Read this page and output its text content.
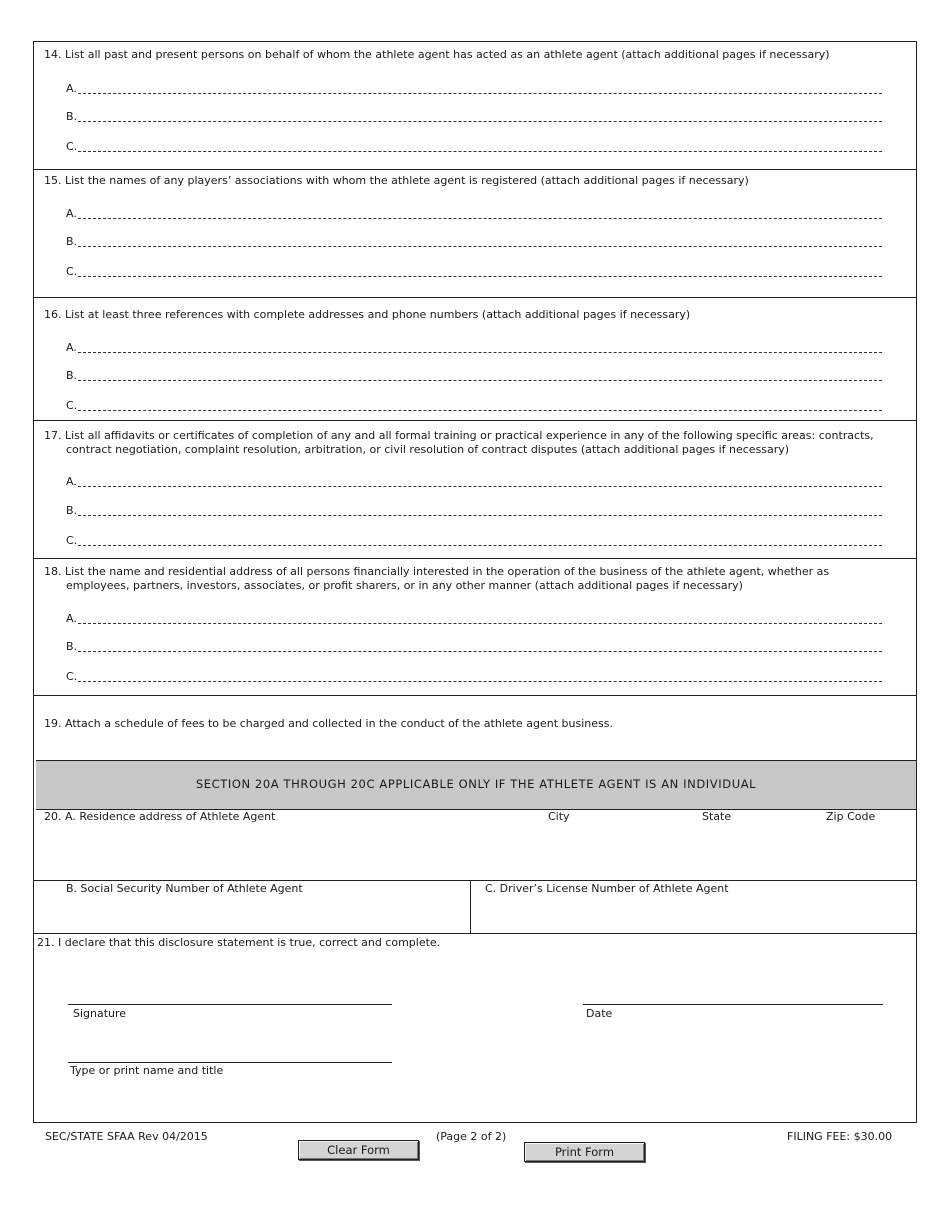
14. List all past and present persons on behalf of whom the athlete agent has acted as an athlete agent (attach additional pages if necessary)
A.
B.
C.
15. List the names of any players’ associations with whom the athlete agent is registered (attach additional pages if necessary)
A.
B.
C.
16. List at least three references with complete addresses and phone numbers (attach additional pages if necessary)
A.
B.
C.
17. List all affidavits or certificates of completion of any and all formal training or practical experience in any of the following specific areas: contracts, contract negotiation, complaint resolution, arbitration, or civil resolution of contract disputes (attach additional pages if necessary)
A.
B.
C.
18. List the name and residential address of all persons financially interested in the operation of the business of the athlete agent, whether as employees, partners, investors, associates, or profit sharers, or in any other manner (attach additional pages if necessary)
A.
B.
C.
19. Attach a schedule of fees to be charged and collected in the conduct of the athlete agent business.
SECTION 20A THROUGH 20C APPLICABLE ONLY IF THE ATHLETE AGENT IS AN INDIVIDUAL
20. A. Residence address of Athlete Agent	City	State	Zip Code
B. Social Security Number of Athlete Agent	C. Driver’s License Number of Athlete Agent
21. I declare that this disclosure statement is true, correct and complete.
Signature	Date
Type or print name and title
SEC/STATE SFAA Rev 04/2015	(Page 2 of 2)	FILING FEE: $30.00
Clear Form	Print Form
